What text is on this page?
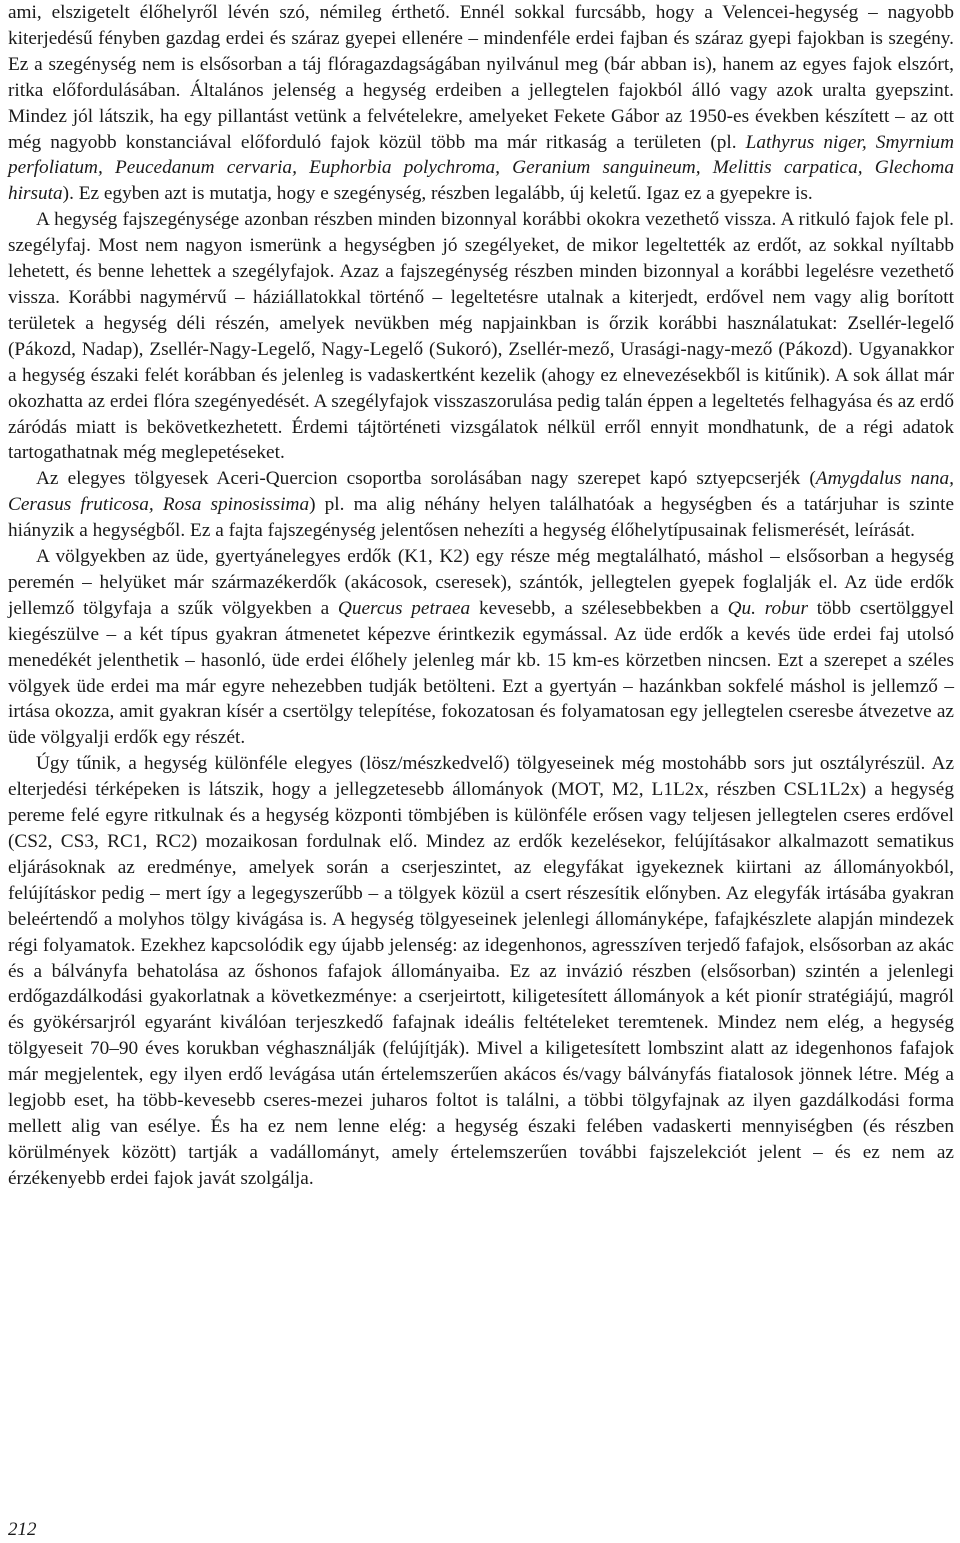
ami, elszigetelt élőhelyről lévén szó, némileg érthető. Ennél sokkal furcsább, hogy a Velencei-hegység – nagyobb kiterjedésű fényben gazdag erdei és száraz gyepei ellenére – mindenféle erdei fajban és száraz gyepi fajokban is szegény. Ez a szegénység nem is elsősorban a táj flóragazdagságában nyilvánul meg (bár abban is), hanem az egyes fajok elszórt, ritka előfordulásában. Általános jelenség a hegység erdeiben a jellegtelen fajokból álló vagy azok uralta gyepszint. Mindez jól látszik, ha egy pillantást vetünk a felvételekre, amelyeket Fekete Gábor az 1950-es években készített – az ott még nagyobb konstanciával előforduló fajok közül több ma már ritkaság a területen (pl. Lathyrus niger, Smyrnium perfoliatum, Peucedanum cervaria, Euphorbia polychroma, Geranium sanguineum, Melittis carpatica, Glechoma hirsuta). Ez egyben azt is mutatja, hogy e szegénység, részben legalább, új keletű. Igaz ez a gyepekre is.

A hegység fajszegénysége azonban részben minden bizonnyal korábbi okokra vezethető vissza. A ritkuló fajok fele pl. szegélyfaj. Most nem nagyon ismerünk a hegységben jó szegélyeket, de mikor legeltették az erdőt, az sokkal nyíltabb lehetett, és benne lehettek a szegélyfajok. Azaz a fajszegénység részben minden bizonnyal a korábbi legelésre vezethető vissza. Korábbi nagymérvű – háziállatokkal történő – legeltetésre utalnak a kiterjedt, erdővel nem vagy alig borított területek a hegység déli részén, amelyek nevükben még napjainkban is őrzik korábbi használatukat: Zsellér-legelő (Pákozd, Nadap), Zsellér-Nagy-Legelő, Nagy-Legelő (Sukoró), Zsellér-mező, Urasági-nagy-mező (Pákozd). Ugyanakkor a hegység északi felét korábban és jelenleg is vadaskertként kezelik (ahogy ez elnevezésekből is kitűnik). A sok állat már okozhatta az erdei flóra szegényedését. A szegélyfajok visszaszorulása pedig talán éppen a legeltetés felhagyása és az erdő záródás miatt is bekövetkezhetett. Érdemi tájtörténeti vizsgálatok nélkül erről ennyit mondhatunk, de a régi adatok tartogathatnak még meglepetéseket.

Az elegyes tölgyesek Aceri-Quercion csoportba sorolásában nagy szerepet kapó sztyepcserjék (Amygdalus nana, Cerasus fruticosa, Rosa spinosissima) pl. ma alig néhány helyen találhatóak a hegységben és a tatárjuhar is szinte hiányzik a hegységből. Ez a fajta fajszegénység jelentősen nehezíti a hegység élőhelytípusainak felismerését, leírását.

A völgyekben az üde, gyertyánelegyes erdők (K1, K2) egy része még megtalálható, máshol – elsősorban a hegység peremén – helyüket már származékerdők (akácosok, cseresek), szántók, jellegtelen gyepek foglalják el. Az üde erdők jellemző tölgyfaja a szűk völgyekben a Quercus petraea kevesebb, a szélesebbekben a Qu. robur több csertölggyel kiegészülve – a két típus gyakran átmenetet képezve érintkezik egymással. Az üde erdők a kevés üde erdei faj utolsó menedékét jelenthetik – hasonló, üde erdei élőhely jelenleg már kb. 15 km-es körzetben nincsen. Ezt a szerepet a széles völgyek üde erdei ma már egyre nehezebben tudják betölteni. Ezt a gyertyán – hazánkban sokfelé máshol is jellemző – irtása okozza, amit gyakran kísér a csertölgy telepítése, fokozatosan és folyamatosan egy jellegtelen cseresbe átvezetve az üde völgyalji erdők egy részét.

Úgy tűnik, a hegység különféle elegyes (lösz/mészkedvelő) tölgyeseinek még mostohább sors jut osztályrészül. Az elterjedési térképeken is látszik, hogy a jellegzetesebb állományok (MOT, M2, L1L2x, részben CSL1L2x) a hegység pereme felé egyre ritkulnak és a hegység központi tömbjében is különféle erősen vagy teljesen jellegtelen cseres erdővel (CS2, CS3, RC1, RC2) mozaikosan fordulnak elő. Mindez az erdők kezelésekor, felújításakor alkalmazott sematikus eljárásoknak az eredménye, amelyek során a cserjeszintet, az elegyfákat igyekeznek kiirtani az állományokból, felújításkor pedig – mert így a legegyszerűbb – a tölgyek közül a csert részesítik előnyben. Az elegyfák irtásába gyakran beleértendő a molyhos tölgy kivágása is. A hegység tölgyeseinek jelenlegi állományképe, fafajkészlete alapján mindezek régi folyamatok. Ezekhez kapcsolódik egy újabb jelenség: az idegenhonos, agresszíven terjedő fafajok, elsősorban az akác és a bálványfa behatolása az őshonos fafajok állományaiba. Ez az invázió részben (elsősorban) szintén a jelenlegi erdőgazdálkodási gyakorlatnak a következménye: a cserjeirtott, kiligetesített állományok a két pionír stratégiájú, magról és gyökérsarjról egyaránt kiválóan terjeszkedő fafajnak ideális feltételeket teremtenek. Mindez nem elég, a hegység tölgyeseit 70–90 éves korukban véghasználják (felújítják). Mivel a kiligetesített lombszint alatt az idegenhonos fafajok már megjelentek, egy ilyen erdő levágása után értelemszerűen akácos és/vagy bálványfás fiatalosok jönnek létre. Még a legjobb eset, ha több-kevesebb cseres-mezei juharos foltot is találni, a többi tölgyfajnak az ilyen gazdálkodási forma mellett alig van esélye. És ha ez nem lenne elég: a hegység északi felében vadaskerti mennyiségben (és részben körülmények között) tartják a vadállományt, amely értelemszerűen további fajszelekciót jelent – és ez nem az érzékenyebb erdei fajok javát szolgálja.

212
